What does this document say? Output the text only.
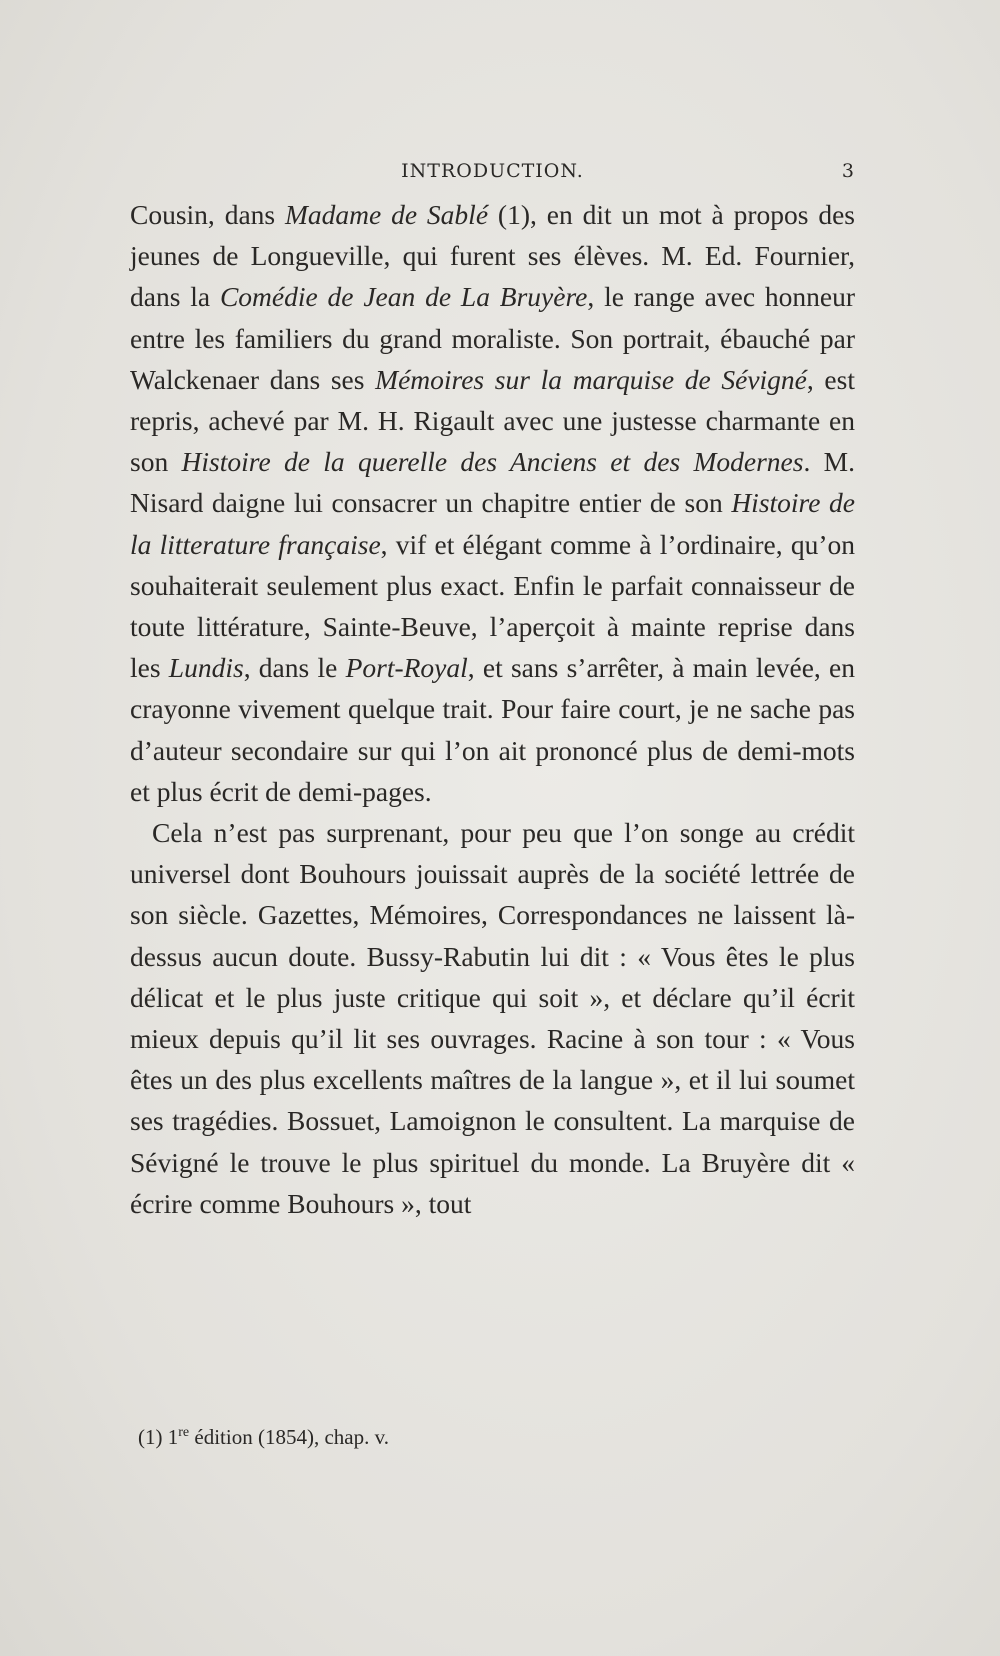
INTRODUCTION.	3

Cousin, dans Madame de Sablé (1), en dit un mot à propos des jeunes de Longueville, qui furent ses élèves. M. Ed. Fournier, dans la Comédie de Jean de La Bruyère, le range avec honneur entre les familiers du grand moraliste. Son portrait, ébauché par Walckenaer dans ses Mémoires sur la marquise de Sévigné, est repris, achevé par M. H. Rigault avec une justesse charmante en son Histoire de la querelle des Anciens et des Modernes. M. Nisard daigne lui consacrer un chapitre entier de son Histoire de la litterature française, vif et élégant comme à l’ordinaire, qu’on souhaiterait seulement plus exact. Enfin le parfait connaisseur de toute littérature, Sainte-Beuve, l’aperçoit à mainte reprise dans les Lundis, dans le Port-Royal, et sans s’arrêter, à main levée, en crayonne vivement quelque trait. Pour faire court, je ne sache pas d’auteur secondaire sur qui l’on ait prononcé plus de demi-mots et plus écrit de demi-pages.

Cela n’est pas surprenant, pour peu que l’on songe au crédit universel dont Bouhours jouissait auprès de la société lettrée de son siècle. Gazettes, Mémoires, Correspondances ne laissent là-dessus aucun doute. Bussy-Rabutin lui dit : « Vous êtes le plus délicat et le plus juste critique qui soit », et déclare qu’il écrit mieux depuis qu’il lit ses ouvrages. Racine à son tour : « Vous êtes un des plus excellents maîtres de la langue », et il lui soumet ses tragédies. Bossuet, Lamoignon le consultent. La marquise de Sévigné le trouve le plus spirituel du monde. La Bruyère dit « écrire comme Bouhours », tout

(1) 1re édition (1854), chap. v.
